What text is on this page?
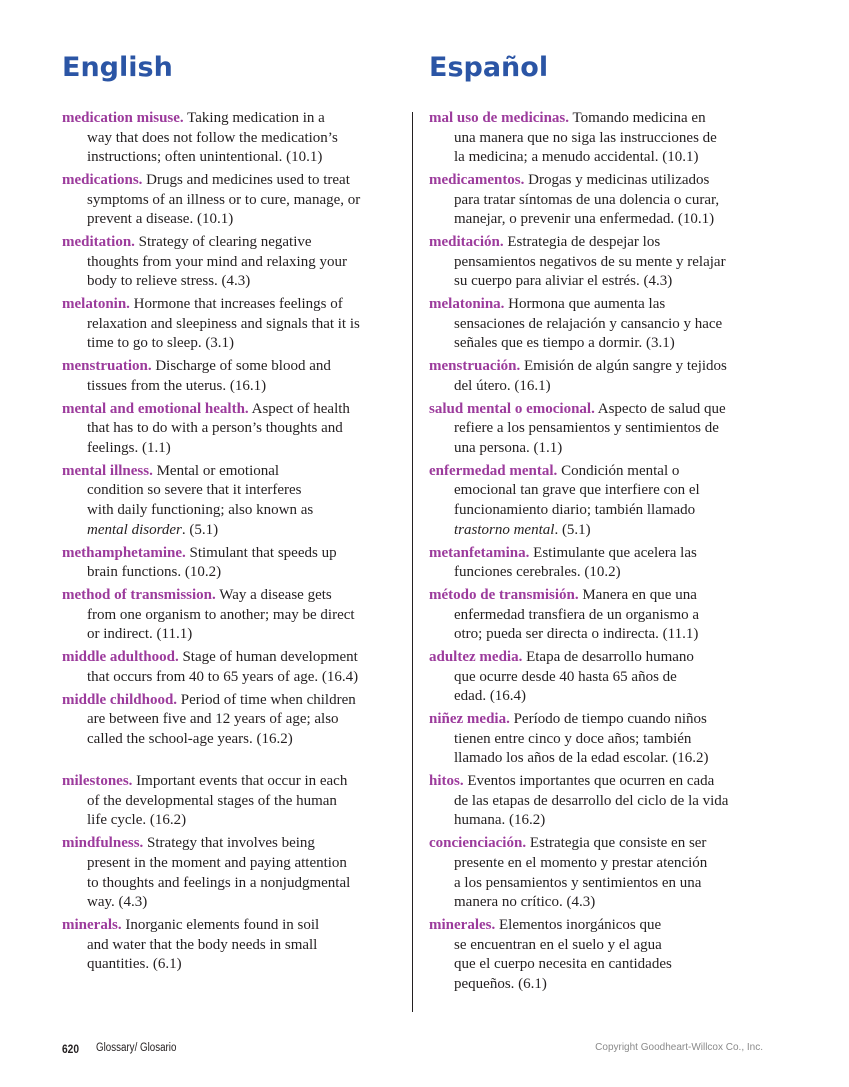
English	Español
medication misuse. Taking medication in a
way that does not follow the medication’s
instructions; often unintentional. (10.1)
medications. Drugs and medicines used to treat
symptoms of an illness or to cure, manage, or
prevent a disease. (10.1)
meditation. Strategy of clearing negative
thoughts from your mind and relaxing your
body to relieve stress. (4.3)
melatonin. Hormone that increases feelings of
relaxation and sleepiness and signals that it is
time to go to sleep. (3.1)
menstruation. Discharge of some blood and
tissues from the uterus. (16.1)
mental and emotional health. Aspect of health
that has to do with a person’s thoughts and
feelings. (1.1)
mental illness. Mental or emotional
condition so severe that it interferes
with daily functioning; also known as
mental disorder. (5.1)
methamphetamine. Stimulant that speeds up
brain functions. (10.2)
method of transmission. Way a disease gets
from one organism to another; may be direct
or indirect. (11.1)
middle adulthood. Stage of human development
that occurs from 40 to 65 years of age. (16.4)
middle childhood. Period of time when children
are between five and 12 years of age; also
called the school-age years. (16.2)
milestones. Important events that occur in each
of the developmental stages of the human
life cycle. (16.2)
mindfulness. Strategy that involves being
present in the moment and paying attention
to thoughts and feelings in a nonjudgmental
way. (4.3)
minerals. Inorganic elements found in soil
and water that the body needs in small
quantities. (6.1)
mal uso de medicinas. Tomando medicina en
una manera que no siga las instrucciones de
la medicina; a menudo accidental. (10.1)
medicamentos. Drogas y medicinas utilizados
para tratar síntomas de una dolencia o curar,
manejar, o prevenir una enfermedad. (10.1)
meditación. Estrategia de despejar los
pensamientos negativos de su mente y relajar
su cuerpo para aliviar el estrés. (4.3)
melatonina. Hormona que aumenta las
sensaciones de relajación y cansancio y hace
señales que es tiempo a dormir. (3.1)
menstruación. Emisión de algún sangre y tejidos
del útero. (16.1)
salud mental o emocional. Aspecto de salud que
refiere a los pensamientos y sentimientos de
una persona. (1.1)
enfermedad mental. Condición mental o
emocional tan grave que interfiere con el
funcionamiento diario; también llamado
trastorno mental. (5.1)
metanfetamina. Estimulante que acelera las
funciones cerebrales. (10.2)
método de transmisión. Manera en que una
enfermedad transfiera de un organismo a
otro; pueda ser directa o indirecta. (11.1)
adultez media. Etapa de desarrollo humano
que ocurre desde 40 hasta 65 años de
edad. (16.4)
niñez media. Período de tiempo cuando niños
tienen entre cinco y doce años; también
llamado los años de la edad escolar. (16.2)
hitos. Eventos importantes que ocurren en cada
de las etapas de desarrollo del ciclo de la vida
humana. (16.2)
concienciación. Estrategia que consiste en ser
presente en el momento y prestar atención
a los pensamientos y sentimientos en una
manera no crítico. (4.3)
minerales. Elementos inorgánicos que
se encuentran en el suelo y el agua
que el cuerpo necesita en cantidades
pequeños. (6.1)
620 Glossary/ Glosario	Copyright Goodheart-Willcox Co., Inc.
